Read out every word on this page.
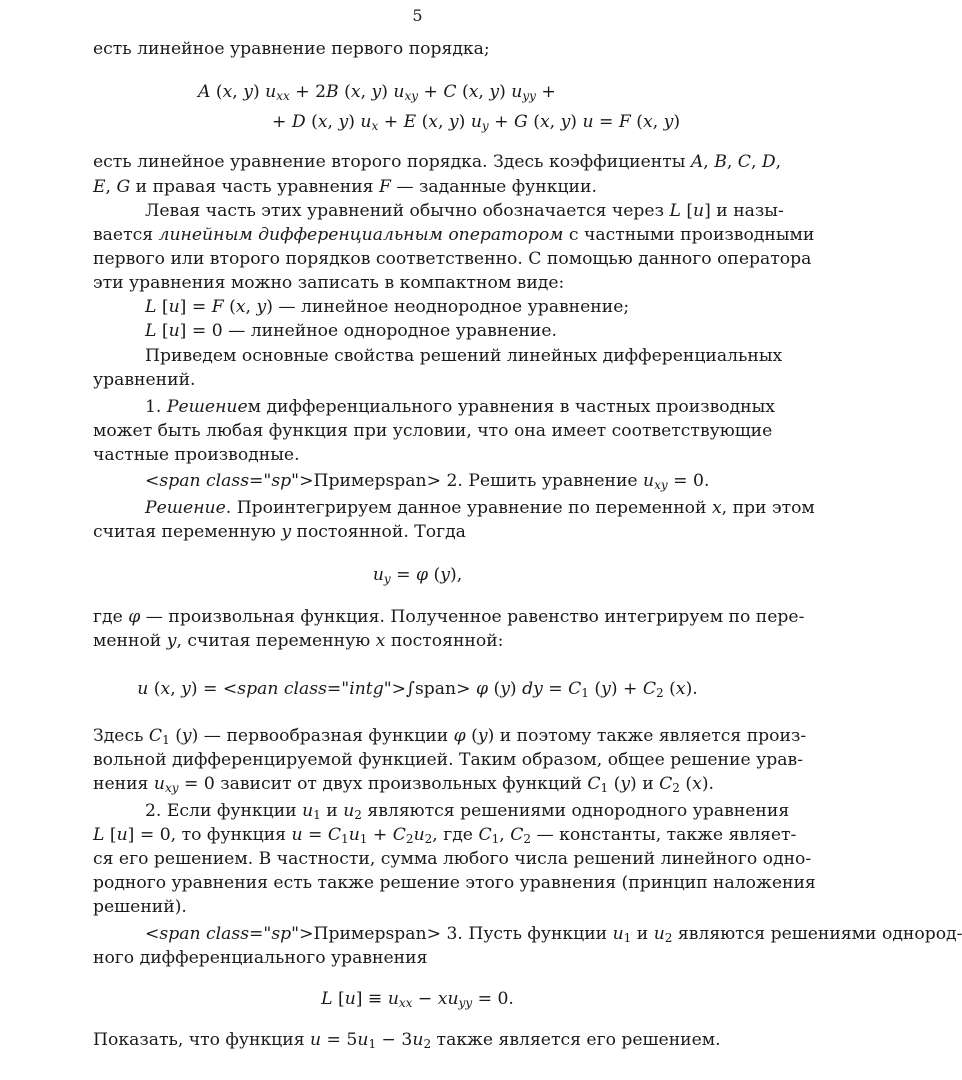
5
есть линейное уравнение первого порядка;
A (x, y) $u_{xx} + 2B$ (x, y) $u_{xy} + C$ (x, y) $u_{yy}$ +
+ D (x, y) $u_x + E$ (x, y) $u_y + G$ (x, y) u = F (x, y)
есть линейное уравнение второго порядка. Здесь коэффициенты A, B, C, D,
E, G и правая часть уравнения F — заданные функции.
Левая часть этих уравнений обычно обозначается через L [u] и назы-
вается линейным дифференциальным оператором с частными производными
первого или второго порядков соответственно. С помощью данного оператора
эти уравнения можно записать в компактном виде:
L [u] = F (x, y) — линейное неоднородное уравнение;
L [u] = 0 — линейное однородное уравнение.
Приведем основные свойства решений линейных дифференциальных
уравнений.
1. Решением дифференциального уравнения в частных производных
может быть любая функция при условии, что она имеет соответствующие
частные производные.
<span class="sp">Примерspan> 2. Решить уравнение $u_{xy} = 0$.
Решение. Проинтегрируем данное уравнение по переменной x, при этом
считая переменную y постоянной. Тогда
$u_y = \varphi$ (y),
где φ — произвольная функция. Полученное равенство интегрируем по пере-
менной y, считая переменную x постоянной:
u (x, y) = <span class="intg">∫span> φ (y) dy = $C_1$ $(y) + C_2$ (x).
Здесь $C_1$ (y) — первообразная функции φ (y) и поэтому также является произ-
вольной дифференцируемой функцией. Таким образом, общее решение урав-
нения $u_{xy} = 0$ зависит от двух произвольных функций $C_1$ (y) и $C_2$ (x).
2. Если функции $u_1$ и $u_2$ являются решениями однородного уравнения
L [u] = 0, то функция $u = C_1u_1 + C_2u_2$, где $C_1$, $C_2$ — константы, также являет-
ся его решением. В частности, сумма любого числа решений линейного одно-
родного уравнения есть также решение этого уравнения (принцип наложения
решений).
<span class="sp">Примерspan> 3. Пусть функции $u_1$ и $u_2$ являются решениями однород-
ного дифференциального уравнения
L $[u] \equiv u_{xx} - xu_{yy} = 0$.
Показать, что функция $u = 5u_1 - 3u_2$ также является его решением.
